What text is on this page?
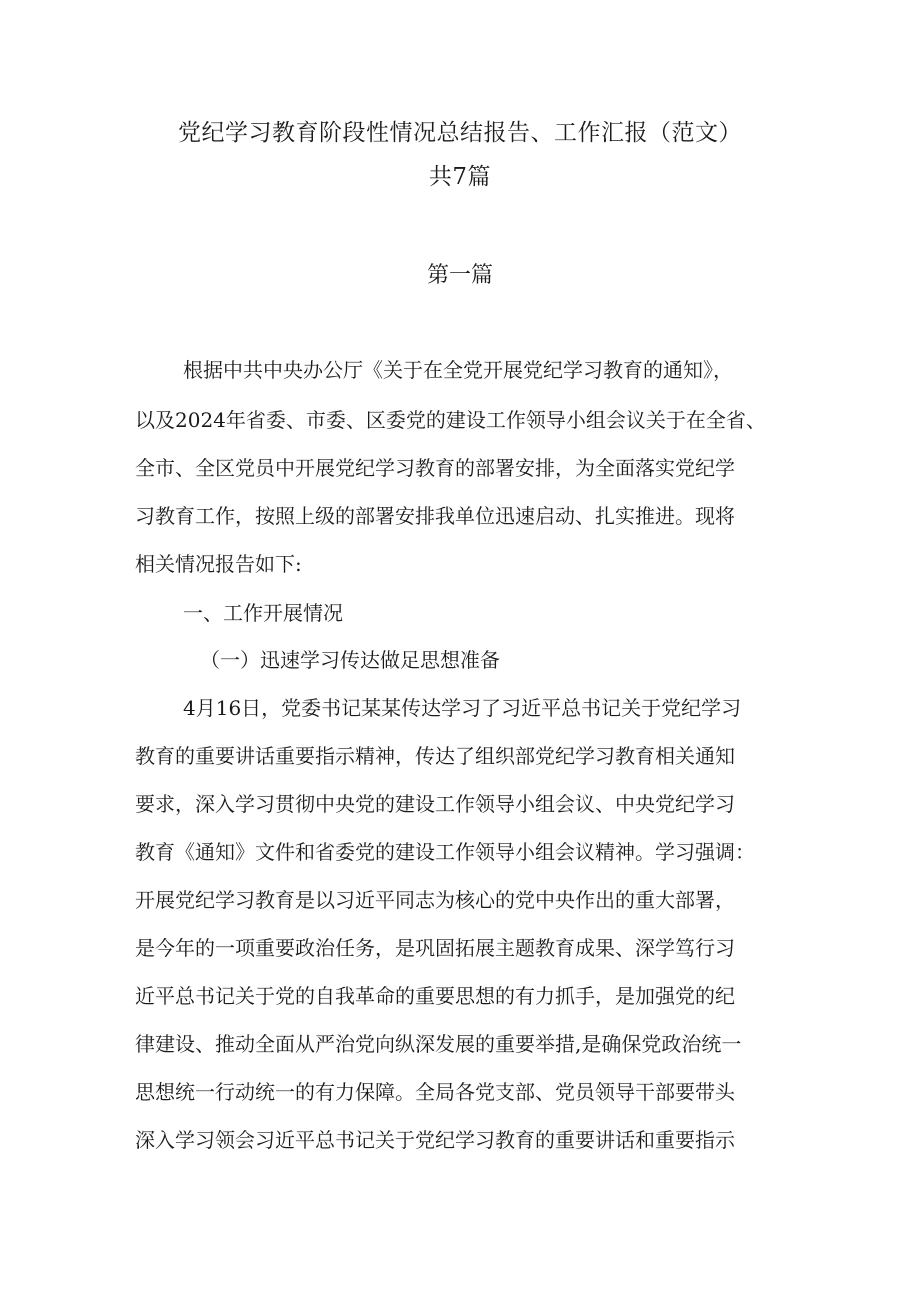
党纪学习教育阶段性情况总结报告、工作汇报（范文）
共7篇
第一篇

根据中共中央办公厅《关于在全党开展党纪学习教育的通知》，

以及2024年省委、市委、区委党的建设工作领导小组会议关于在全省、

全市、全区党员中开展党纪学习教育的部署安排，为全面落实党纪学

习教育工作，按照上级的部署安排我单位迅速启动、扎实推进。现将

相关情况报告如下:

一、工作开展情况

（一）迅速学习传达做足思想准备

4月16日，党委书记某某传达学习了习近平总书记关于党纪学习

教育的重要讲话重要指示精神，传达了组织部党纪学习教育相关通知

要求，深入学习贯彻中央党的建设工作领导小组会议、中央党纪学习

教育《通知》文件和省委党的建设工作领导小组会议精神。学习强调：

开展党纪学习教育是以习近平同志为核心的党中央作出的重大部署，

是今年的一项重要政治任务，是巩固拓展主题教育成果、深学笃行习

近平总书记关于党的自我革命的重要思想的有力抓手，是加强党的纪

律建设、推动全面从严治党向纵深发展的重要举措,是确保党政治统一

思想统一行动统一的有力保障。全局各党支部、党员领导干部要带头

深入学习领会习近平总书记关于党纪学习教育的重要讲话和重要指示
